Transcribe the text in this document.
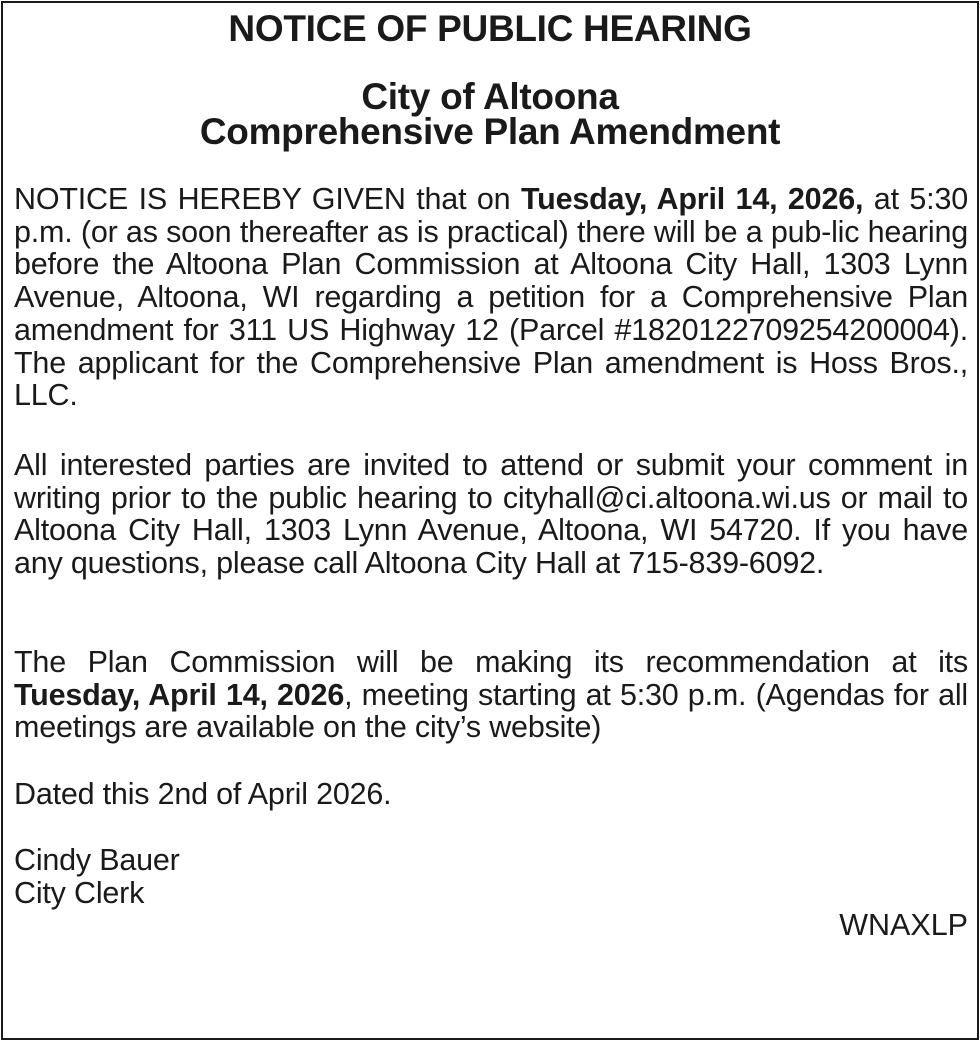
NOTICE OF PUBLIC HEARING
City of Altoona
Comprehensive Plan Amendment

NOTICE IS HEREBY GIVEN that on Tuesday, April 14, 2026, at 5:30 p.m. (or as soon thereafter as is practical) there will be a pub-lic hearing before the Altoona Plan Commission at Altoona City Hall, 1303 Lynn Avenue, Altoona, WI regarding a petition for a Comprehensive Plan amendment for 311 US Highway 12 (Parcel #1820122709254200004). The applicant for the Comprehensive Plan amendment is Hoss Bros., LLC.

All interested parties are invited to attend or submit your comment in writing prior to the public hearing to cityhall@ci.altoona.wi.us or mail to Altoona City Hall, 1303 Lynn Avenue, Altoona, WI 54720. If you have any questions, please call Altoona City Hall at 715-839-6092.

The Plan Commission will be making its recommendation at its Tuesday, April 14, 2026, meeting starting at 5:30 p.m. (Agendas for all meetings are available on the city’s website)

Dated this 2nd of April 2026.

Cindy Bauer
City Clerk

WNAXLP
